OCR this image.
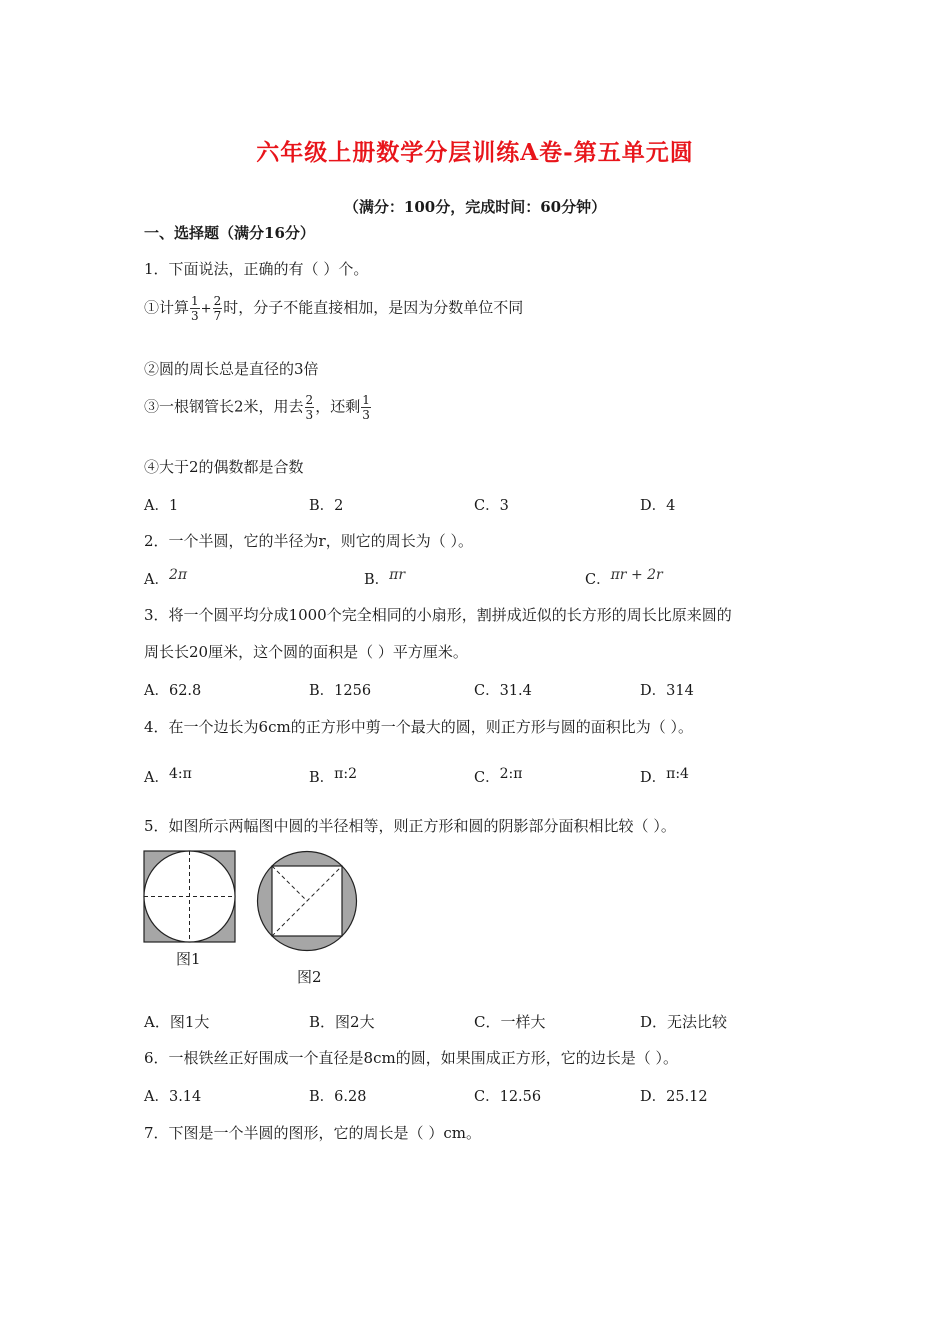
六年级上册数学分层训练A卷-第五单元圆
（满分：100分，完成时间：60分钟）
一、选择题（满分16分）
1．下面说法，正确的有（ ）个。
①计算 $\frac{1}{3} + \frac{2}{7}$ 时，分子不能直接相加，是因为分数单位不同
②圆的周长总是直径的3倍
③一根钢管长2米，用去 $\frac{2}{3}$ ，还剩 $\frac{1}{3}$
④大于2的偶数都是合数
A．1	B．2	C．3	D．4
2．一个半圆，它的半径为r，则它的周长为（ ）。
A．2π	B．πr	C．πr + 2r
3．将一个圆平均分成1000个完全相同的小扇形，割拼成近似的长方形的周长比原来圆的
周长长20厘米，这个圆的面积是（ ）平方厘米。
A．62.8	B．1256	C．31.4	D．314
4．在一个边长为6cm的正方形中剪一个最大的圆，则正方形与圆的面积比为（ ）。
A．4:π	B．π:2	C．2:π	D．π:4
5．如图所示两幅图中圆的半径相等，则正方形和圆的阴影部分面积相比较（ ）。
图1
图2
A．图1大	B．图2大	C．一样大	D．无法比较
6．一根铁丝正好围成一个直径是8cm的圆，如果围成正方形，它的边长是（ ）。
A．3.14	B．6.28	C．12.56	D．25.12
7．下图是一个半圆的图形，它的周长是（ ）cm。
